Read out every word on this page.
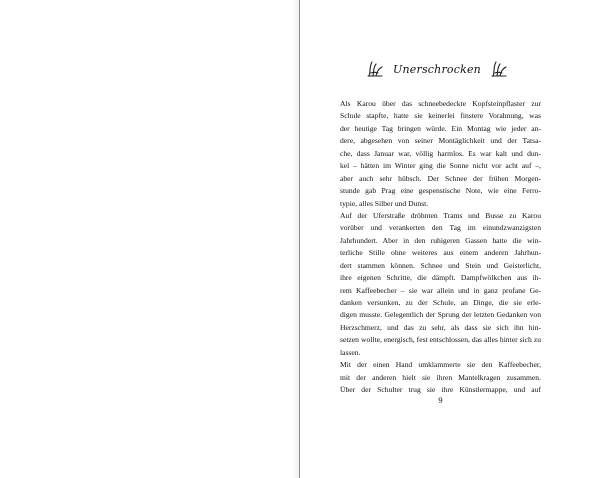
Unerschrocken
Als Karou über das schneebedeckte Kopfsteinpflaster zur
Schule stapfte, hatte sie keinerlei finstere Vorahnung, was
der heutige Tag bringen würde. Ein Montag wie jeder an-
dere, abgesehen von seiner Montäglichkeit und der Tatsa-
che, dass Januar war, völlig harmlos. Es war kalt und dun-
kel – hätten im Winter ging die Sonne nicht vor acht auf –,
aber auch sehr hübsch. Der Schnee der frühen Morgen-
stunde gab Prag eine gespenstische Note, wie eine Ferro-
typie, alles Silber und Dunst.
Auf der Uferstraße dröhnten Trams und Busse zu Karou
vorüber und verankerten den Tag im einundzwanzigsten
Jahrhundert. Aber in den ruhigeren Gassen hatte die win-
terliche Stille ohne weiteres aus einem anderen Jahrhun-
dert stammen können. Schnee und Stein und Geisterlicht,
ihre eigenen Schritte, die dämpft. Dampfwölkchen aus ih-
rem Kaffeebecher – sie war allein und in ganz profane Ge-
danken versunken, zu der Schule, an Dinge, die sie erle-
digen musste. Gelegentlich der Sprung der letzten Gedanken von
Herzschmerz, und das zu sehr, als dass sie sich ihn hin-
setzen wollte, energisch, fest entschlossen, das alles hinter sich zu
lassen.
Mit der einen Hand umklammerte sie den Kaffeebecher,
mit der anderen hielt sie ihren Mantelkragen zusammen.
Über der Schulter trug sie ihre Künstlermappe, und auf
9
